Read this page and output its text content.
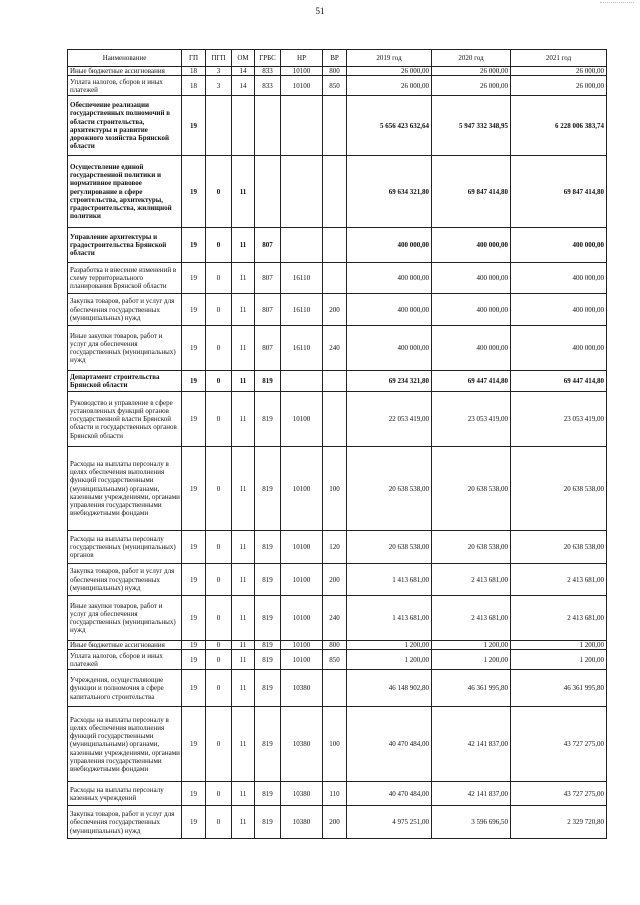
51
Наименование	ГП	ПГП	ОМ	ГРБС	НР	ВР	2019 год	2020 год	2021 год
Иные бюджетные ассигнования	18	3	14	833	10100	800	26 000,00	26 000,00	26 000,00
Уплата налогов, сборов и иных платежей	18	3	14	833	10100	850	26 000,00	26 000,00	26 000,00
Обеспечение реализации государственных полномочий в области строительства, архитектуры и развитие дорожного хозяйства Брянской области	19						5 656 423 632,64	5 947 332 348,95	6 228 006 383,74
Осуществление единой государственной политики и нормативное правовое регулирование в сфере строительства, архитектуры, градостроительства, жилищной политики	19	0	11				69 634 321,80	69 847 414,80	69 847 414,80
Управление архитектуры и градостроительства Брянской области	19	0	11	807			400 000,00	400 000,00	400 000,00
Разработка и внесение изменений в схему территориального планирования Брянской области	19	0	11	807	16110		400 000,00	400 000,00	400 000,00
Закупка товаров, работ и услуг для обеспечения государственных (муниципальных) нужд	19	0	11	807	16110	200	400 000,00	400 000,00	400 000,00
Иные закупки товаров, работ и услуг для обеспечения государственных (муниципальных) нужд	19	0	11	807	16110	240	400 000,00	400 000,00	400 000,00
Департамент строительства Брянской области	19	0	11	819			69 234 321,80	69 447 414,80	69 447 414,80
Руководство и управление в сфере установленных функций органов государственной власти Брянской области и государственных органов Брянской области	19	0	11	819	10100		22 053 419,00	23 053 419,00	23 053 419,00
Расходы на выплаты персоналу в целях обеспечения выполнения функций государственными (муниципальными) органами, казенными учреждениями, органами управления государственными внебюджетными фондами	19	0	11	819	10100	100	20 638 538,00	20 638 538,00	20 638 538,00
Расходы на выплаты персоналу государственных (муниципальных) органов	19	0	11	819	10100	120	20 638 538,00	20 638 538,00	20 638 538,00
Закупка товаров, работ и услуг для обеспечения государственных (муниципальных) нужд	19	0	11	819	10100	200	1 413 681,00	2 413 681,00	2 413 681,00
Иные закупки товаров, работ и услуг для обеспечения государственных (муниципальных) нужд	19	0	11	819	10100	240	1 413 681,00	2 413 681,00	2 413 681,00
Иные бюджетные ассигнования	19	0	11	819	10100	800	1 200,00	1 200,00	1 200,00
Уплата налогов, сборов и иных платежей	19	0	11	819	10100	850	1 200,00	1 200,00	1 200,00
Учреждения, осуществляющие функции и полномочия в сфере капитального строительства	19	0	11	819	10380		46 148 902,80	46 361 995,80	46 361 995,80
Расходы на выплаты персоналу в целях обеспечения выполнения функций государственными (муниципальными) органами, казенными учреждениями, органами управления государственными внебюджетными фондами	19	0	11	819	10380	100	40 470 484,00	42 141 837,00	43 727 275,00
Расходы на выплаты персоналу казенных учреждений	19	0	11	819	10380	110	40 470 484,00	42 141 837,00	43 727 275,00
Закупка товаров, работ и услуг для обеспечения государственных (муниципальных) нужд	19	0	11	819	10380	200	4 975 251,00	3 596 696,50	2 329 720,80
